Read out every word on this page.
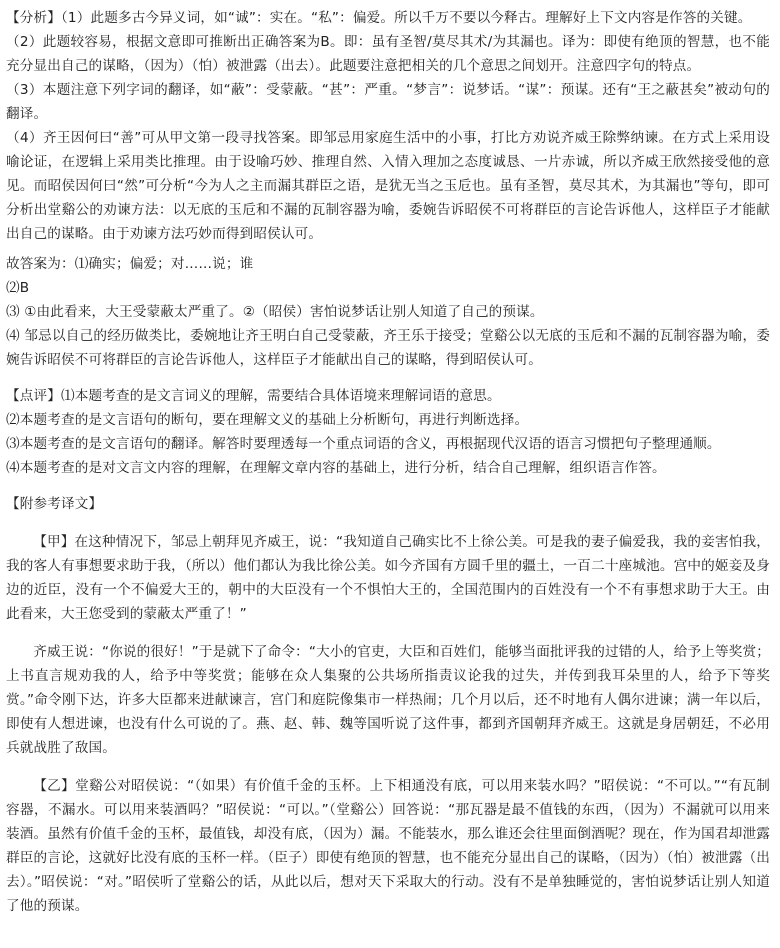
【分析】（1）此题多古今异义词，如“诚”：实在。“私”：偏爱。所以千万不要以今释古。理解好上下文内容是作答的关键。

（2）此题较容易，根据文意即可推断出正确答案为B。即：虽有圣智/莫尽其术/为其漏也。译为：即使有绝顶的智慧，也不能充分显出自己的谋略，（因为）（怕）被泄露（出去）。此题要注意把相关的几个意思之间划开。注意四字句的特点。

（3）本题注意下列字词的翻译，如“蔽”：受蒙蔽。“甚”：严重。“梦言”：说梦话。“谋”：预谋。还有“王之蔽甚矣”被动句的翻译。

（4）齐王因何曰“善”可从甲文第一段寻找答案。即邹忌用家庭生活中的小事，打比方劝说齐威王除弊纳谏。在方式上采用设喻论证，在逻辑上采用类比推理。由于设喻巧妙、推理自然、入情入理加之态度诚恳、一片赤诚，所以齐威王欣然接受他的意见。而昭侯因何曰“然”可分析“今为人之主而漏其群臣之语，是犹无当之玉卮也。虽有圣智，莫尽其术，为其漏也”等句，即可分析出堂谿公的劝谏方法：以无底的玉卮和不漏的瓦制容器为喻，委婉告诉昭侯不可将群臣的言论告诉他人，这样臣子才能献出自己的谋略。由于劝谏方法巧妙而得到昭侯认可。

故答案为：⑴确实；偏爱；对……说；谁

⑵B

⑶ ①由此看来，大王受蒙蔽太严重了。②（昭侯）害怕说梦话让别人知道了自己的预谋。

⑷ 邹忌以自己的经历做类比，委婉地让齐王明白自己受蒙蔽，齐王乐于接受；堂谿公以无底的玉卮和不漏的瓦制容器为喻，委婉告诉昭侯不可将群臣的言论告诉他人，这样臣子才能献出自己的谋略，得到昭侯认可。

【点评】⑴本题考查的是文言词义的理解，需要结合具体语境来理解词语的意思。

⑵本题考查的是文言语句的断句，要在理解文义的基础上分析断句，再进行判断选择。

⑶本题考查的是文言语句的翻译。解答时要理透每一个重点词语的含义，再根据现代汉语的语言习惯把句子整理通顺。

⑷本题考查的是对文言文内容的理解，在理解文章内容的基础上，进行分析，结合自己理解，组织语言作答。

【附参考译文】

【甲】在这种情况下，邹忌上朝拜见齐威王，说：“我知道自己确实比不上徐公美。可是我的妻子偏爱我，我的妾害怕我，我的客人有事想要求助于我，（所以）他们都认为我比徐公美。如今齐国有方圆千里的疆土，一百二十座城池。宫中的姬妾及身边的近臣，没有一个不偏爱大王的，朝中的大臣没有一个不惧怕大王的，全国范围内的百姓没有一个不有事想求助于大王。由此看来，大王您受到的蒙蔽太严重了！”

齐威王说：“你说的很好！”于是就下了命令：“大小的官吏，大臣和百姓们，能够当面批评我的过错的人，给予上等奖赏；上书直言规劝我的人，给予中等奖赏；能够在众人集聚的公共场所指责议论我的过失，并传到我耳朵里的人，给予下等奖赏。”命令刚下达，许多大臣都来进献谏言，宫门和庭院像集市一样热闹；几个月以后，还不时地有人偶尔进谏；满一年以后，即使有人想进谏，也没有什么可说的了。燕、赵、韩、魏等国听说了这件事，都到齐国朝拜齐威王。这就是身居朝廷，不必用兵就战胜了敌国。

【乙】堂谿公对昭侯说：“（如果）有价值千金的玉杯。上下相通没有底，可以用来装水吗？”昭侯说：“不可以。”“有瓦制容器，不漏水。可以用来装酒吗？”昭侯说：“可以。”（堂谿公）回答说：“那瓦器是最不值钱的东西，（因为）不漏就可以用来装酒。虽然有价值千金的玉杯，最值钱，却没有底，（因为）漏。不能装水，那么谁还会往里面倒酒呢？现在，作为国君却泄露群臣的言论，这就好比没有底的玉杯一样。（臣子）即使有绝顶的智慧，也不能充分显出自己的谋略，（因为）（怕）被泄露（出去）。”昭侯说：“对。”昭侯听了堂谿公的话，从此以后，想对天下采取大的行动。没有不是单独睡觉的，害怕说梦话让别人知道了他的预谋。
